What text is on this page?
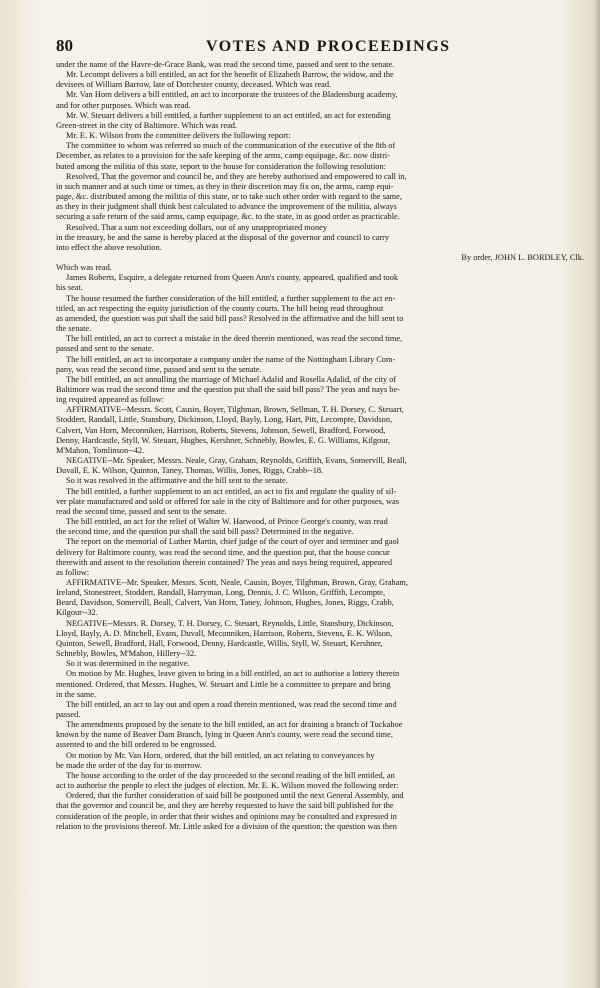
80	VOTES AND PROCEEDINGS
under the name of the Havre-de-Grace Bank, was read the second time, passed and sent to the senate.
Mr. Lecompt delivers a bill entitled, an act for the benefit of Elizabeth Barrow, the widow, and the
devisees of William Barrow, late of Dorchester county, deceased. Which was read.
Mr. Van Horn delivers a bill entitled, an act to incorporate the trustees of the Bladensburg academy,
and for other purposes. Which was read.
Mr. W. Steuart delivers a bill entitled, a further supplement to an act entitled, an act for extending
Green-street in the city of Baltimore. Which was read.
Mr. E. K. Wilson from the committee delivers the following report:
The committee to whom was referred so much of the communication of the executive of the 8th of
December, as relates to a provision for the safe keeping of the arms, camp equipage, &c. now distri-
buted among the militia of this state, report to the house for consideration the following resolution:
Resolved, That the governor and council be, and they are hereby authorised and empowered to call in,
in such manner and at such time or times, as they in their discretion may fix on, the arms, camp equi-
page, &c. distributed among the militia of this state, or to take such other order with regard to the same,
as they in their judgment shall think best calculated to advance the improvement of the militia, always
securing a safe return of the said arms, camp equipage, &c. to the state, in as good order as practicable.
Resolved, That a sum not exceeding dollars, out of any unappropriated money
in the treasury, be and the same is hereby placed at the disposal of the governor and council to carry
into effect the above resolution.
By order, JOHN L. BORDLEY, Clk.
Which was read.
James Roberts, Esquire, a delegate returned from Queen Ann's county, appeared, qualified and took
his seat.
The house resumed the further consideration of the bill entitled, a further supplement to the act en-
titled, an act respecting the equity jurisdiction of the county courts. The bill being read throughout
as amended, the question was put shall the said bill pass? Resolved in the affirmative and the bill sent to
the senate.
The bill entitled, an act to correct a mistake in the deed therein mentioned, was read the second time,
passed and sent to the senate.
The bill entitled, an act to incorporate a company under the name of the Nottingham Library Com-
pany, was read the second time, passed and sent to the senate.
The bill entitled, an act annulling the marriage of Michael Adalid and Rosella Adalid, of the city of
Baltimore was read the second time and the question put shall the said bill pass? The yeas and nays be-
ing required appeared as follow:
AFFIRMATIVE--Messrs. Scott, Causin, Boyer, Tilghman, Brown, Sellman, T. H. Dorsey, C. Steuart,
Stoddert, Randall, Little, Stansbury, Dickinson, Lloyd, Bayly, Long, Hart, Pitt, Lecompte, Davidson,
Calvert, Van Horn, Meconniken, Harrison, Roberts, Stevens, Johnson, Sewell, Bradford, Forwood,
Denny, Hardcastle, Styll, W. Steuart, Hughes, Kershner, Schnebly, Bowles, E. G. Williams, Kilgour,
M'Mahon, Tomlinson--42.
NEGATIVE--Mr. Speaker, Messrs. Neale, Gray, Graham, Reynolds, Griffith, Evans, Somervill, Beall,
Duvall, E. K. Wilson, Quinton, Taney, Thomas, Willis, Jones, Riggs, Crabb--18.
So it was resolved in the affirmative and the bill sent to the senate.
The bill entitled, a further supplement to an act entitled, an act to fix and regulate the quality of sil-
ver plate manufactured and sold or offered for sale in the city of Baltimore and for other purposes, was
read the second time, passed and sent to the senate.
The bill entitled, an act for the relief of Walter W. Harwood, of Prince George's county, was read
the second time, and the question put shall the said bill pass? Determined in the negative.
The report on the memorial of Luther Martin, chief judge of the court of oyer and terminer and gaol
delivery for Baltimore county, was read the second time, and the question put, that the house concur
therewith and assent to the resolution therein contained? The yeas and nays being required, appeared
as follow:
AFFIRMATIVE--Mr. Speaker, Messrs. Scott, Neale, Causin, Boyer, Tilghman, Brown, Gray, Graham,
Ireland, Stonestreet, Stoddert, Randall, Harryman, Long, Dennis, J. C. Wilson, Griffith, Lecompte,
Beard, Davidson, Somervill, Beall, Calvert, Van Horn, Taney, Johnson, Hughes, Jones, Riggs, Crabb,
Kilgour--32.
NEGATIVE--Messrs. R. Dorsey, T. H. Dorsey, C. Steuart, Reynolds, Little, Stansbury, Dickinson,
Lloyd, Bayly, A. D. Mitchell, Evans, Duvall, Meconniken, Harrison, Roberts, Stevens, E. K. Wilson,
Quinton, Sewell, Bradford, Hall, Forwood, Denny, Hardcastle, Willis, Styll, W. Steuart, Kershner,
Schnebly, Bowles, M'Mahon, Hillery--32.
So it was determined in the negative.
On motion by Mr. Hughes, leave given to bring in a bill entitled, an act to authorise a lottery therein
mentioned. Ordered, that Messrs. Hughes, W. Steuart and Little be a committee to prepare and bring
in the same.
The bill entitled, an act to lay out and open a road therein mentioned, was read the second time and
passed.
The amendments proposed by the senate to the bill entitled, an act for draining a branch of Tuckahoe
known by the name of Beaver Dam Branch, lying in Queen Ann's county, were read the second time,
assented to and the bill ordered to be engrossed.
On motion by Mr. Van Horn, ordered, that the bill entitled, an act relating to conveyances by
be made the order of the day for to morrow.
The house according to the order of the day proceeded to the second reading of the bill entitled, an
act to authorise the people to elect the judges of election. Mr. E. K. Wilson moved the following order:
Ordered, that the further consideration of said bill be postponed until the next General Assembly, and
that the governor and council be, and they are hereby requested to have the said bill published for the
consideration of the people, in order that their wishes and opinions may be consulted and expressed in
relation to the provisions thereof. Mr. Little asked for a division of the question; the question was then
